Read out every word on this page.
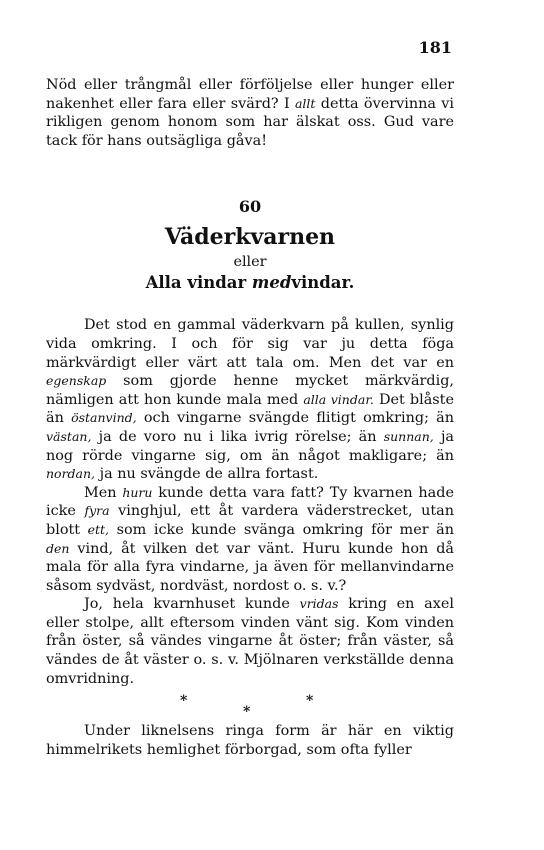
181

Nöd eller trångmål eller förföljelse eller hunger eller nakenhet eller fara eller svärd? I allt detta övervinna vi rikligen genom honom som har älskat oss. Gud vare tack för hans outsägliga gåva!

60
Väderkvarnen
eller
Alla vindar medvindar.

Det stod en gammal väderkvarn på kullen, synlig vida omkring. I och för sig var ju detta föga märkvärdigt eller värt att tala om. Men det var en egenskap som gjorde henne mycket märkvärdig, nämligen att hon kunde mala med alla vindar. Det blåste än östanvind, och vingarne svängde flitigt omkring; än västan, ja de voro nu i lika ivrig rörelse; än sunnan, ja nog rörde vingarne sig, om än något makligare; än nordan, ja nu svängde de allra fortast.

Men huru kunde detta vara fatt? Ty kvarnen hade icke fyra vinghjul, ett åt vardera väderstrecket, utan blott ett, som icke kunde svänga omkring för mer än den vind, åt vilken det var vänt. Huru kunde hon då mala för alla fyra vindarne, ja även för mellanvindarne såsom sydväst, nordväst, nordost o. s. v.?

Jo, hela kvarnhuset kunde vridas kring en axel eller stolpe, allt eftersom vinden vänt sig. Kom vinden från öster, så vändes vingarne åt öster; från väster, så vändes de åt väster o. s. v. Mjölnaren verkställde denna omvridning.

*	*
*

Under liknelsens ringa form är här en viktig himmelrikets hemlighet förborgad, som ofta fyller
